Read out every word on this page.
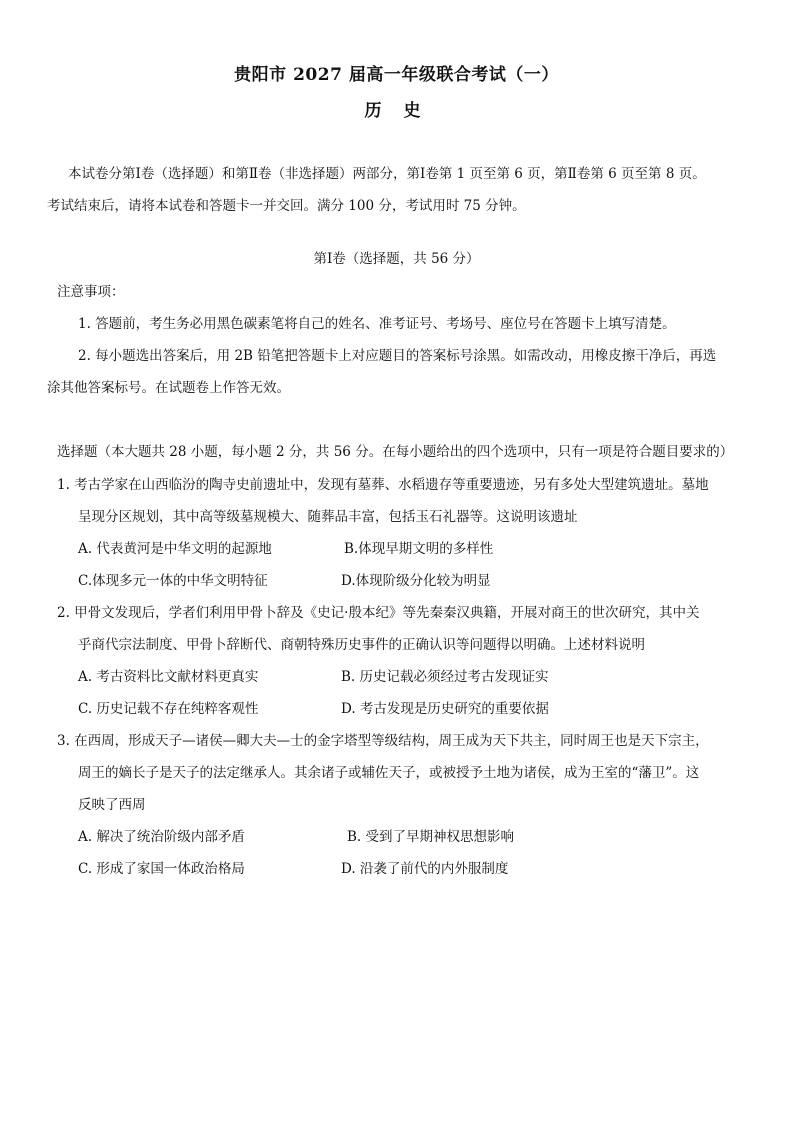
贵阳市 2027 届高一年级联合考试（一）
历 史
本试卷分第Ⅰ卷（选择题）和第Ⅱ卷（非选择题）两部分，第Ⅰ卷第 1 页至第 6 页，第Ⅱ卷第 6 页至第 8 页。
考试结束后，请将本试卷和答题卡一并交回。满分 100 分，考试用时 75 分钟。
第Ⅰ卷（选择题，共 56 分）
注意事项：
1. 答题前，考生务必用黑色碳素笔将自己的姓名、准考证号、考场号、座位号在答题卡上填写清楚。
2. 每小题选出答案后，用 2B 铅笔把答题卡上对应题目的答案标号涂黑。如需改动，用橡皮擦干净后，再选
涂其他答案标号。在试题卷上作答无效。
选择题（本大题共 28 小题，每小题 2 分，共 56 分。在每小题给出的四个选项中，只有一项是符合题目要求的）
1. 考古学家在山西临汾的陶寺史前遗址中，发现有墓葬、水稻遗存等重要遗迹，另有多处大型建筑遗址。墓地
呈现分区规划，其中高等级墓规模大、随葬品丰富，包括玉石礼器等。这说明该遗址
A. 代表黄河是中华文明的起源地	B.体现早期文明的多样性
C.体现多元一体的中华文明特征	D.体现阶级分化较为明显
2. 甲骨文发现后，学者们利用甲骨卜辞及《史记·殷本纪》等先秦秦汉典籍，开展对商王的世次研究，其中关
乎商代宗法制度、甲骨卜辞断代、商朝特殊历史事件的正确认识等问题得以明确。上述材料说明
A. 考古资料比文献材料更真实	B. 历史记载必须经过考古发现证实
C. 历史记载不存在纯粹客观性	D. 考古发现是历史研究的重要依据
3. 在西周，形成天子—诸侯—卿大夫—士的金字塔型等级结构，周王成为天下共主，同时周王也是天下宗主，
周王的嫡长子是天子的法定继承人。其余诸子或辅佐天子，或被授予土地为诸侯，成为王室的“藩卫”。这
反映了西周
A. 解决了统治阶级内部矛盾	B. 受到了早期神权思想影响
C. 形成了家国一体政治格局	D. 沿袭了前代的内外服制度
